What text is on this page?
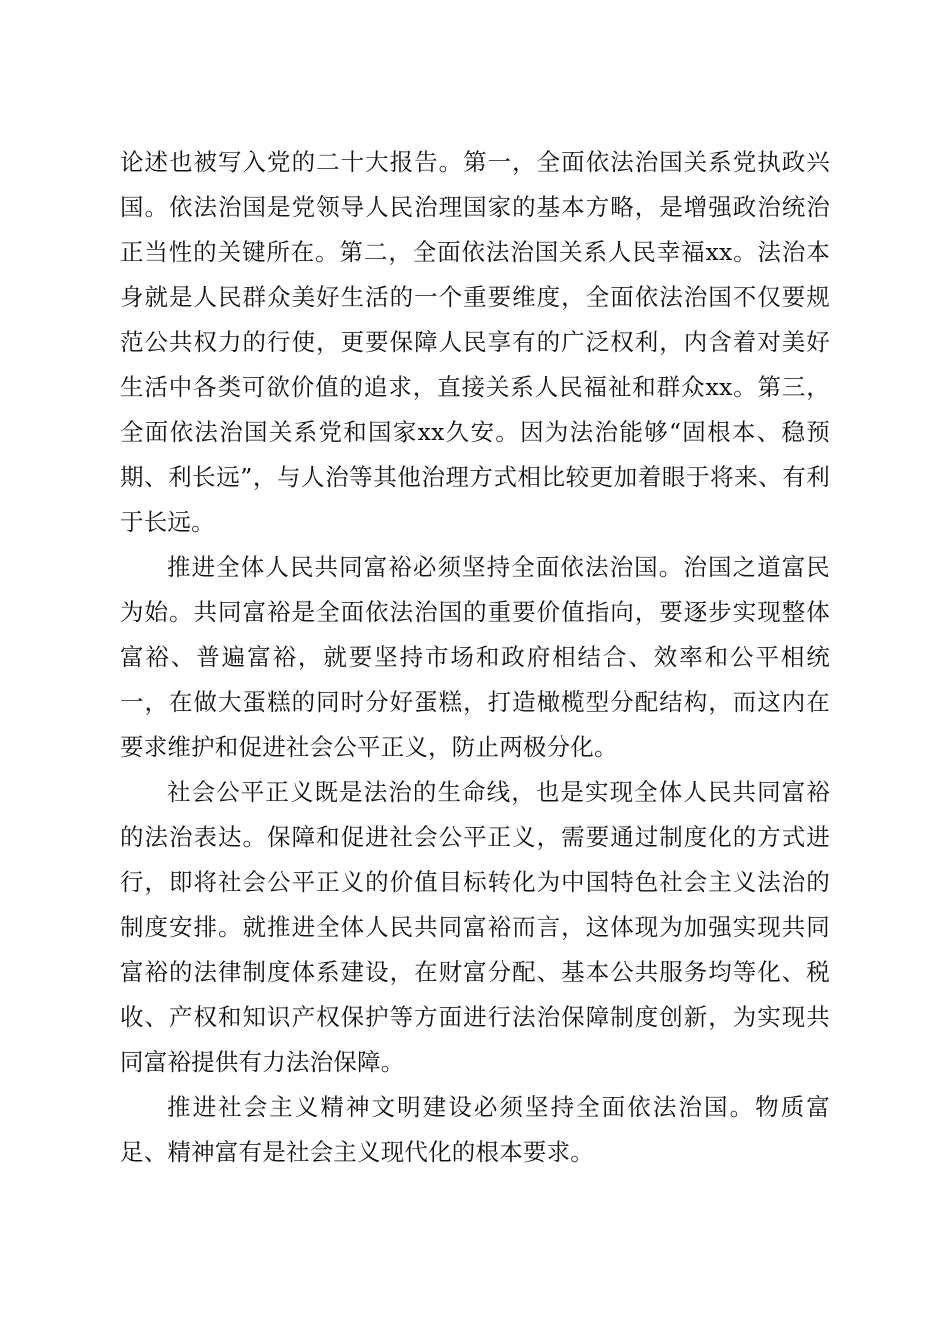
论述也被写入党的二十大报告。第一，全面依法治国关系党执政兴国。依法治国是党领导人民治理国家的基本方略，是增强政治统治正当性的关键所在。第二，全面依法治国关系人民幸福xx。法治本身就是人民群众美好生活的一个重要维度，全面依法治国不仅要规范公共权力的行使，更要保障人民享有的广泛权利，内含着对美好生活中各类可欲价值的追求，直接关系人民福祉和群众xx。第三，全面依法治国关系党和国家xx久安。因为法治能够“固根本、稳预期、利长远”，与人治等其他治理方式相比较更加着眼于将来、有利于长远。

推进全体人民共同富裕必须坚持全面依法治国。治国之道富民为始。共同富裕是全面依法治国的重要价值指向，要逐步实现整体富裕、普遍富裕，就要坚持市场和政府相结合、效率和公平相统一，在做大蛋糕的同时分好蛋糕，打造橄榄型分配结构，而这内在要求维护和促进社会公平正义，防止两极分化。

社会公平正义既是法治的生命线，也是实现全体人民共同富裕的法治表达。保障和促进社会公平正义，需要通过制度化的方式进行，即将社会公平正义的价值目标转化为中国特色社会主义法治的制度安排。就推进全体人民共同富裕而言，这体现为加强实现共同富裕的法律制度体系建设，在财富分配、基本公共服务均等化、税收、产权和知识产权保护等方面进行法治保障制度创新，为实现共同富裕提供有力法治保障。

推进社会主义精神文明建设必须坚持全面依法治国。物质富足、精神富有是社会主义现代化的根本要求。
